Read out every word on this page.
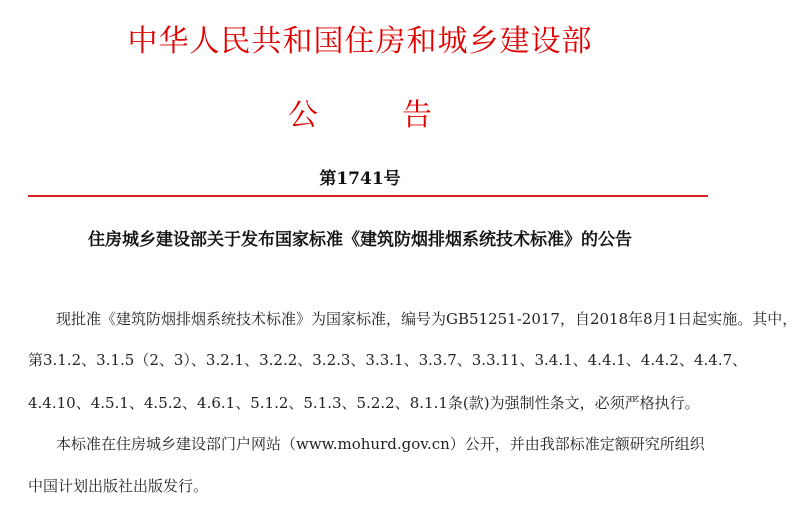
中华人民共和国住房和城乡建设部
公告
第1741号
住房城乡建设部关于发布国家标准《建筑防烟排烟系统技术标准》的公告
现批准《建筑防烟排烟系统技术标准》为国家标准，编号为GB51251-2017，自2018年8月1日起实施。其中，
第3.1.2、3.1.5（2、3）、3.2.1、3.2.2、3.2.3、3.3.1、3.3.7、3.3.11、3.4.1、4.4.1、4.4.2、4.4.7、
4.4.10、4.5.1、4.5.2、4.6.1、5.1.2、5.1.3、5.2.2、8.1.1条(款)为强制性条文，必须严格执行。
本标准在住房城乡建设部门户网站（www.mohurd.gov.cn）公开，并由我部标准定额研究所组织
中国计划出版社出版发行。
